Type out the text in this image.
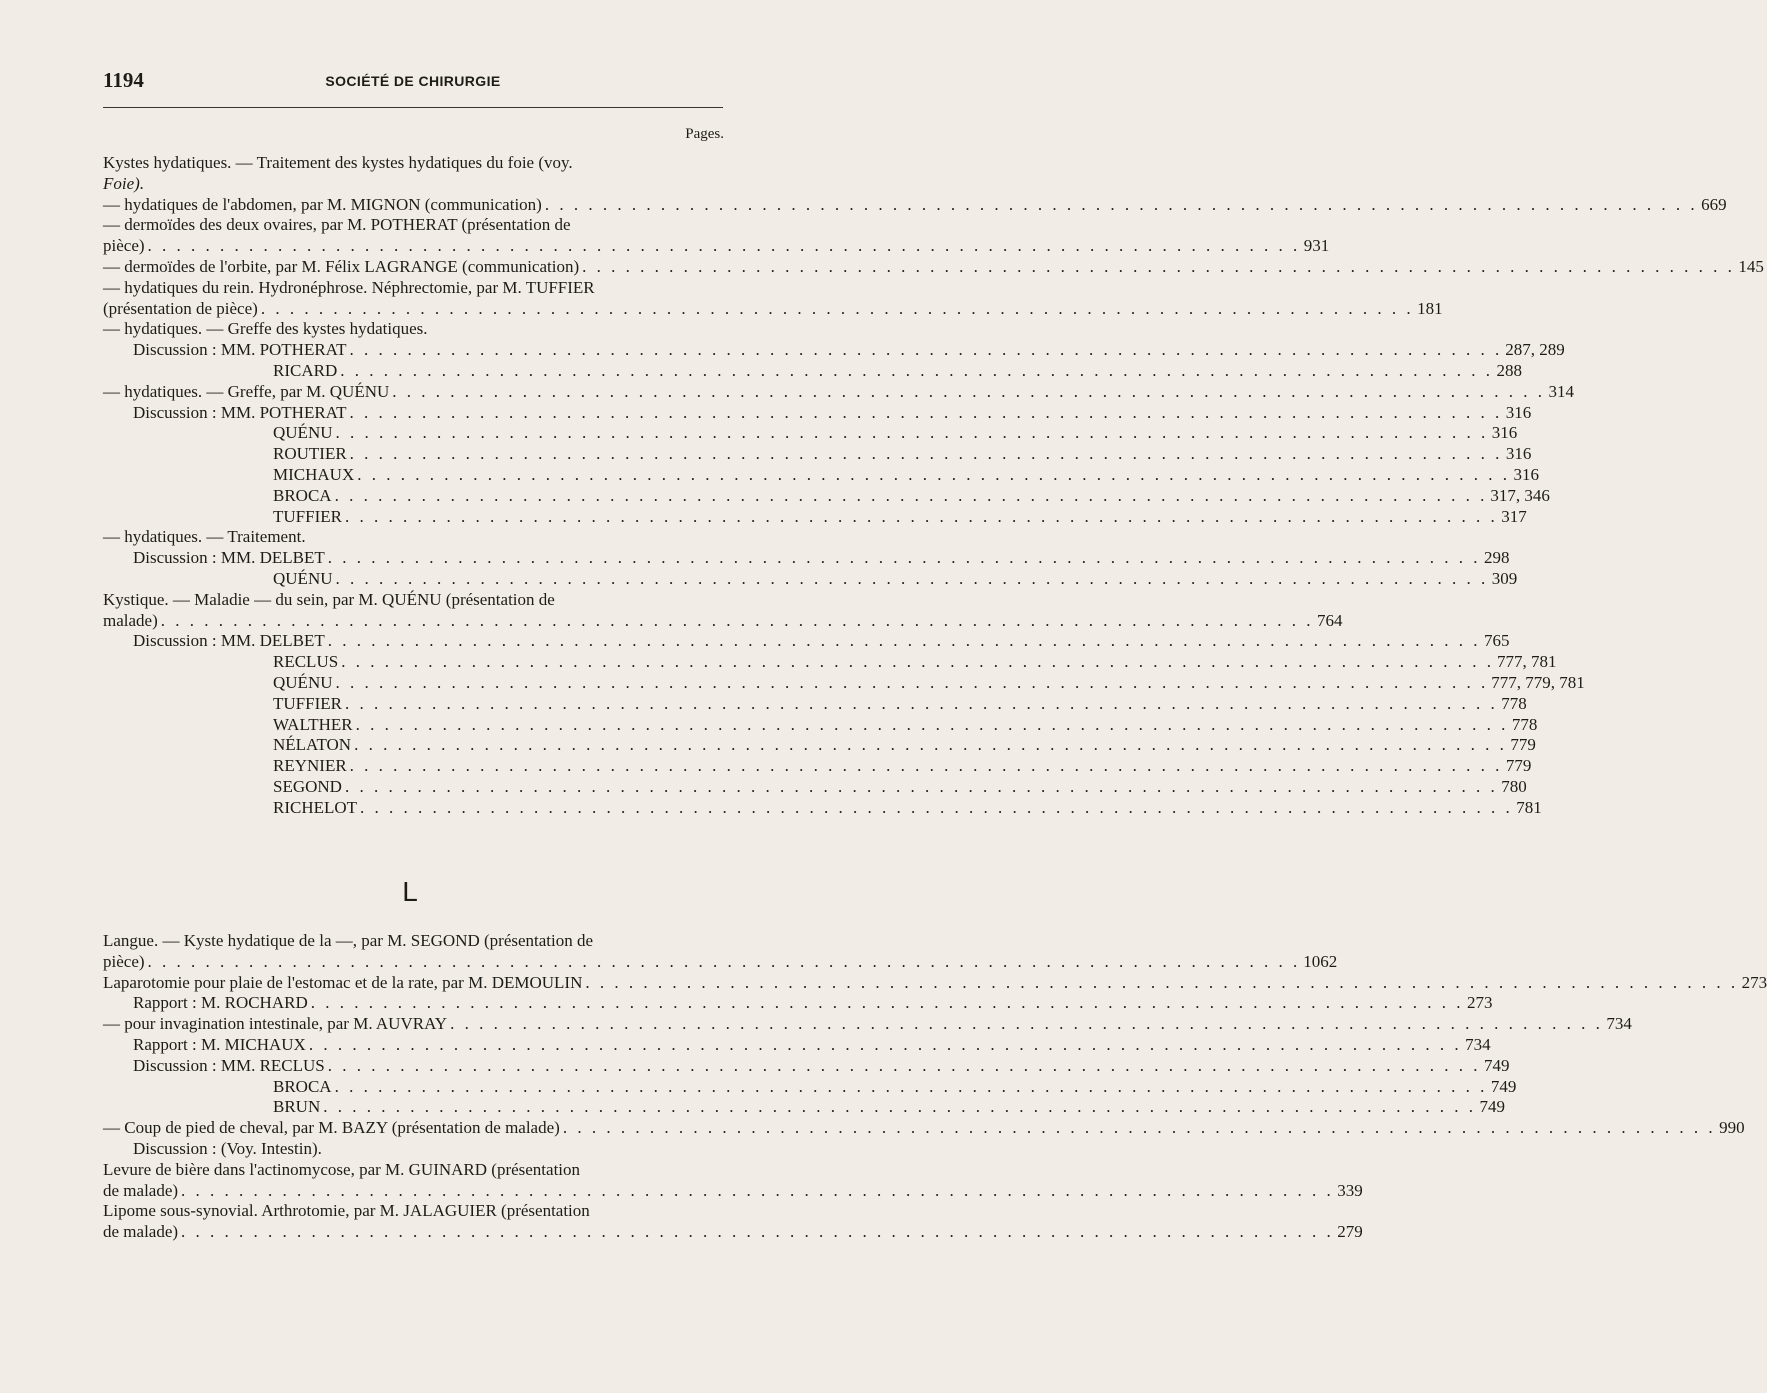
1194	SOCIÉTÉ DE CHIRURGIE
Pages.
Kystes hydatiques. — Traitement des kystes hydatiques du foie (voy.
Foie).
— hydatiques de l'abdomen, par M. MIGNON (communication) . . . . . . . . . . . . . . . . . . . . . . . . . . . . . . . . . . . . . . . . . . . . . . . . . . . . . . . . . . . . . . . . . . . . . . . . . . . . . . . . 669
— dermoïdes des deux ovaires, par M. POTHERAT (présentation de
pièce) . . . . . . . . . . . . . . . . . . . . . . . . . . . . . . . . . . . . . . . . . . . . . . . . . . . . . . . . . . . . . . . . . . . . . . . . . . . . . . . . 931
— dermoïdes de l'orbite, par M. Félix LAGRANGE (communication) . . . . . . . . . . . . . . . . . . . . . . . . . . . . . . . . . . . . . . . . . . . . . . . . . . . . . . . . . . . . . . . . . . . . . . . . . . . . . . . . 145
— hydatiques du rein. Hydronéphrose. Néphrectomie, par M. TUFFIER
(présentation de pièce) . . . . . . . . . . . . . . . . . . . . . . . . . . . . . . . . . . . . . . . . . . . . . . . . . . . . . . . . . . . . . . . . . . . . . . . . . . . . . . . . 181
— hydatiques. — Greffe des kystes hydatiques.
Discussion : MM. POTHERAT . . . . . . . . . . . . . . . . . . . . . . . . . . . . . . . . . . . . . . . . . . . . . . . . . . . . . . . . . . . . . . . . . . . . . . . . . . . . . . . . 287, 289
RICARD . . . . . . . . . . . . . . . . . . . . . . . . . . . . . . . . . . . . . . . . . . . . . . . . . . . . . . . . . . . . . . . . . . . . . . . . . . . . . . . . 288
— hydatiques. — Greffe, par M. QUÉNU . . . . . . . . . . . . . . . . . . . . . . . . . . . . . . . . . . . . . . . . . . . . . . . . . . . . . . . . . . . . . . . . . . . . . . . . . . . . . . . . 314
Discussion : MM. POTHERAT . . . . . . . . . . . . . . . . . . . . . . . . . . . . . . . . . . . . . . . . . . . . . . . . . . . . . . . . . . . . . . . . . . . . . . . . . . . . . . . . 316
QUÉNU . . . . . . . . . . . . . . . . . . . . . . . . . . . . . . . . . . . . . . . . . . . . . . . . . . . . . . . . . . . . . . . . . . . . . . . . . . . . . . . . 316
ROUTIER . . . . . . . . . . . . . . . . . . . . . . . . . . . . . . . . . . . . . . . . . . . . . . . . . . . . . . . . . . . . . . . . . . . . . . . . . . . . . . . . 316
MICHAUX . . . . . . . . . . . . . . . . . . . . . . . . . . . . . . . . . . . . . . . . . . . . . . . . . . . . . . . . . . . . . . . . . . . . . . . . . . . . . . . . 316
BROCA . . . . . . . . . . . . . . . . . . . . . . . . . . . . . . . . . . . . . . . . . . . . . . . . . . . . . . . . . . . . . . . . . . . . . . . . . . . . . . . . 317, 346
TUFFIER . . . . . . . . . . . . . . . . . . . . . . . . . . . . . . . . . . . . . . . . . . . . . . . . . . . . . . . . . . . . . . . . . . . . . . . . . . . . . . . . 317
— hydatiques. — Traitement.
Discussion : MM. DELBET . . . . . . . . . . . . . . . . . . . . . . . . . . . . . . . . . . . . . . . . . . . . . . . . . . . . . . . . . . . . . . . . . . . . . . . . . . . . . . . . 298
QUÉNU . . . . . . . . . . . . . . . . . . . . . . . . . . . . . . . . . . . . . . . . . . . . . . . . . . . . . . . . . . . . . . . . . . . . . . . . . . . . . . . . 309
Kystique. — Maladie — du sein, par M. QUÉNU (présentation de
malade) . . . . . . . . . . . . . . . . . . . . . . . . . . . . . . . . . . . . . . . . . . . . . . . . . . . . . . . . . . . . . . . . . . . . . . . . . . . . . . . . 764
Discussion : MM. DELBET . . . . . . . . . . . . . . . . . . . . . . . . . . . . . . . . . . . . . . . . . . . . . . . . . . . . . . . . . . . . . . . . . . . . . . . . . . . . . . . . 765
RECLUS . . . . . . . . . . . . . . . . . . . . . . . . . . . . . . . . . . . . . . . . . . . . . . . . . . . . . . . . . . . . . . . . . . . . . . . . . . . . . . . . 777, 781
QUÉNU . . . . . . . . . . . . . . . . . . . . . . . . . . . . . . . . . . . . . . . . . . . . . . . . . . . . . . . . . . . . . . . . . . . . . . . . . . . . . . . . 777, 779, 781
TUFFIER . . . . . . . . . . . . . . . . . . . . . . . . . . . . . . . . . . . . . . . . . . . . . . . . . . . . . . . . . . . . . . . . . . . . . . . . . . . . . . . . 778
WALTHER . . . . . . . . . . . . . . . . . . . . . . . . . . . . . . . . . . . . . . . . . . . . . . . . . . . . . . . . . . . . . . . . . . . . . . . . . . . . . . . . 778
NÉLATON . . . . . . . . . . . . . . . . . . . . . . . . . . . . . . . . . . . . . . . . . . . . . . . . . . . . . . . . . . . . . . . . . . . . . . . . . . . . . . . . 779
REYNIER . . . . . . . . . . . . . . . . . . . . . . . . . . . . . . . . . . . . . . . . . . . . . . . . . . . . . . . . . . . . . . . . . . . . . . . . . . . . . . . . 779
SEGOND . . . . . . . . . . . . . . . . . . . . . . . . . . . . . . . . . . . . . . . . . . . . . . . . . . . . . . . . . . . . . . . . . . . . . . . . . . . . . . . . 780
RICHELOT . . . . . . . . . . . . . . . . . . . . . . . . . . . . . . . . . . . . . . . . . . . . . . . . . . . . . . . . . . . . . . . . . . . . . . . . . . . . . . . . 781
L
Langue. — Kyste hydatique de la —, par M. SEGOND (présentation de
pièce) . . . . . . . . . . . . . . . . . . . . . . . . . . . . . . . . . . . . . . . . . . . . . . . . . . . . . . . . . . . . . . . . . . . . . . . . . . . . . . . . 1062
Laparotomie pour plaie de l'estomac et de la rate, par M. DEMOULIN . . . . . . . . . . . . . . . . . . . . . . . . . . . . . . . . . . . . . . . . . . . . . . . . . . . . . . . . . . . . . . . . . . . . . . . . . . . . . . . . 273
Rapport : M. ROCHARD . . . . . . . . . . . . . . . . . . . . . . . . . . . . . . . . . . . . . . . . . . . . . . . . . . . . . . . . . . . . . . . . . . . . . . . . . . . . . . . . 273
— pour invagination intestinale, par M. AUVRAY . . . . . . . . . . . . . . . . . . . . . . . . . . . . . . . . . . . . . . . . . . . . . . . . . . . . . . . . . . . . . . . . . . . . . . . . . . . . . . . . 734
Rapport : M. MICHAUX . . . . . . . . . . . . . . . . . . . . . . . . . . . . . . . . . . . . . . . . . . . . . . . . . . . . . . . . . . . . . . . . . . . . . . . . . . . . . . . . 734
Discussion : MM. RECLUS . . . . . . . . . . . . . . . . . . . . . . . . . . . . . . . . . . . . . . . . . . . . . . . . . . . . . . . . . . . . . . . . . . . . . . . . . . . . . . . . 749
BROCA . . . . . . . . . . . . . . . . . . . . . . . . . . . . . . . . . . . . . . . . . . . . . . . . . . . . . . . . . . . . . . . . . . . . . . . . . . . . . . . . 749
BRUN . . . . . . . . . . . . . . . . . . . . . . . . . . . . . . . . . . . . . . . . . . . . . . . . . . . . . . . . . . . . . . . . . . . . . . . . . . . . . . . . 749
— Coup de pied de cheval, par M. BAZY (présentation de malade) . . . . . . . . . . . . . . . . . . . . . . . . . . . . . . . . . . . . . . . . . . . . . . . . . . . . . . . . . . . . . . . . . . . . . . . . . . . . . . . . 990
Discussion : (Voy. Intestin).
Levure de bière dans l'actinomycose, par M. GUINARD (présentation
de malade) . . . . . . . . . . . . . . . . . . . . . . . . . . . . . . . . . . . . . . . . . . . . . . . . . . . . . . . . . . . . . . . . . . . . . . . . . . . . . . . . 339
Lipome sous-synovial. Arthrotomie, par M. JALAGUIER (présentation
de malade) . . . . . . . . . . . . . . . . . . . . . . . . . . . . . . . . . . . . . . . . . . . . . . . . . . . . . . . . . . . . . . . . . . . . . . . . . . . . . . . . 279
